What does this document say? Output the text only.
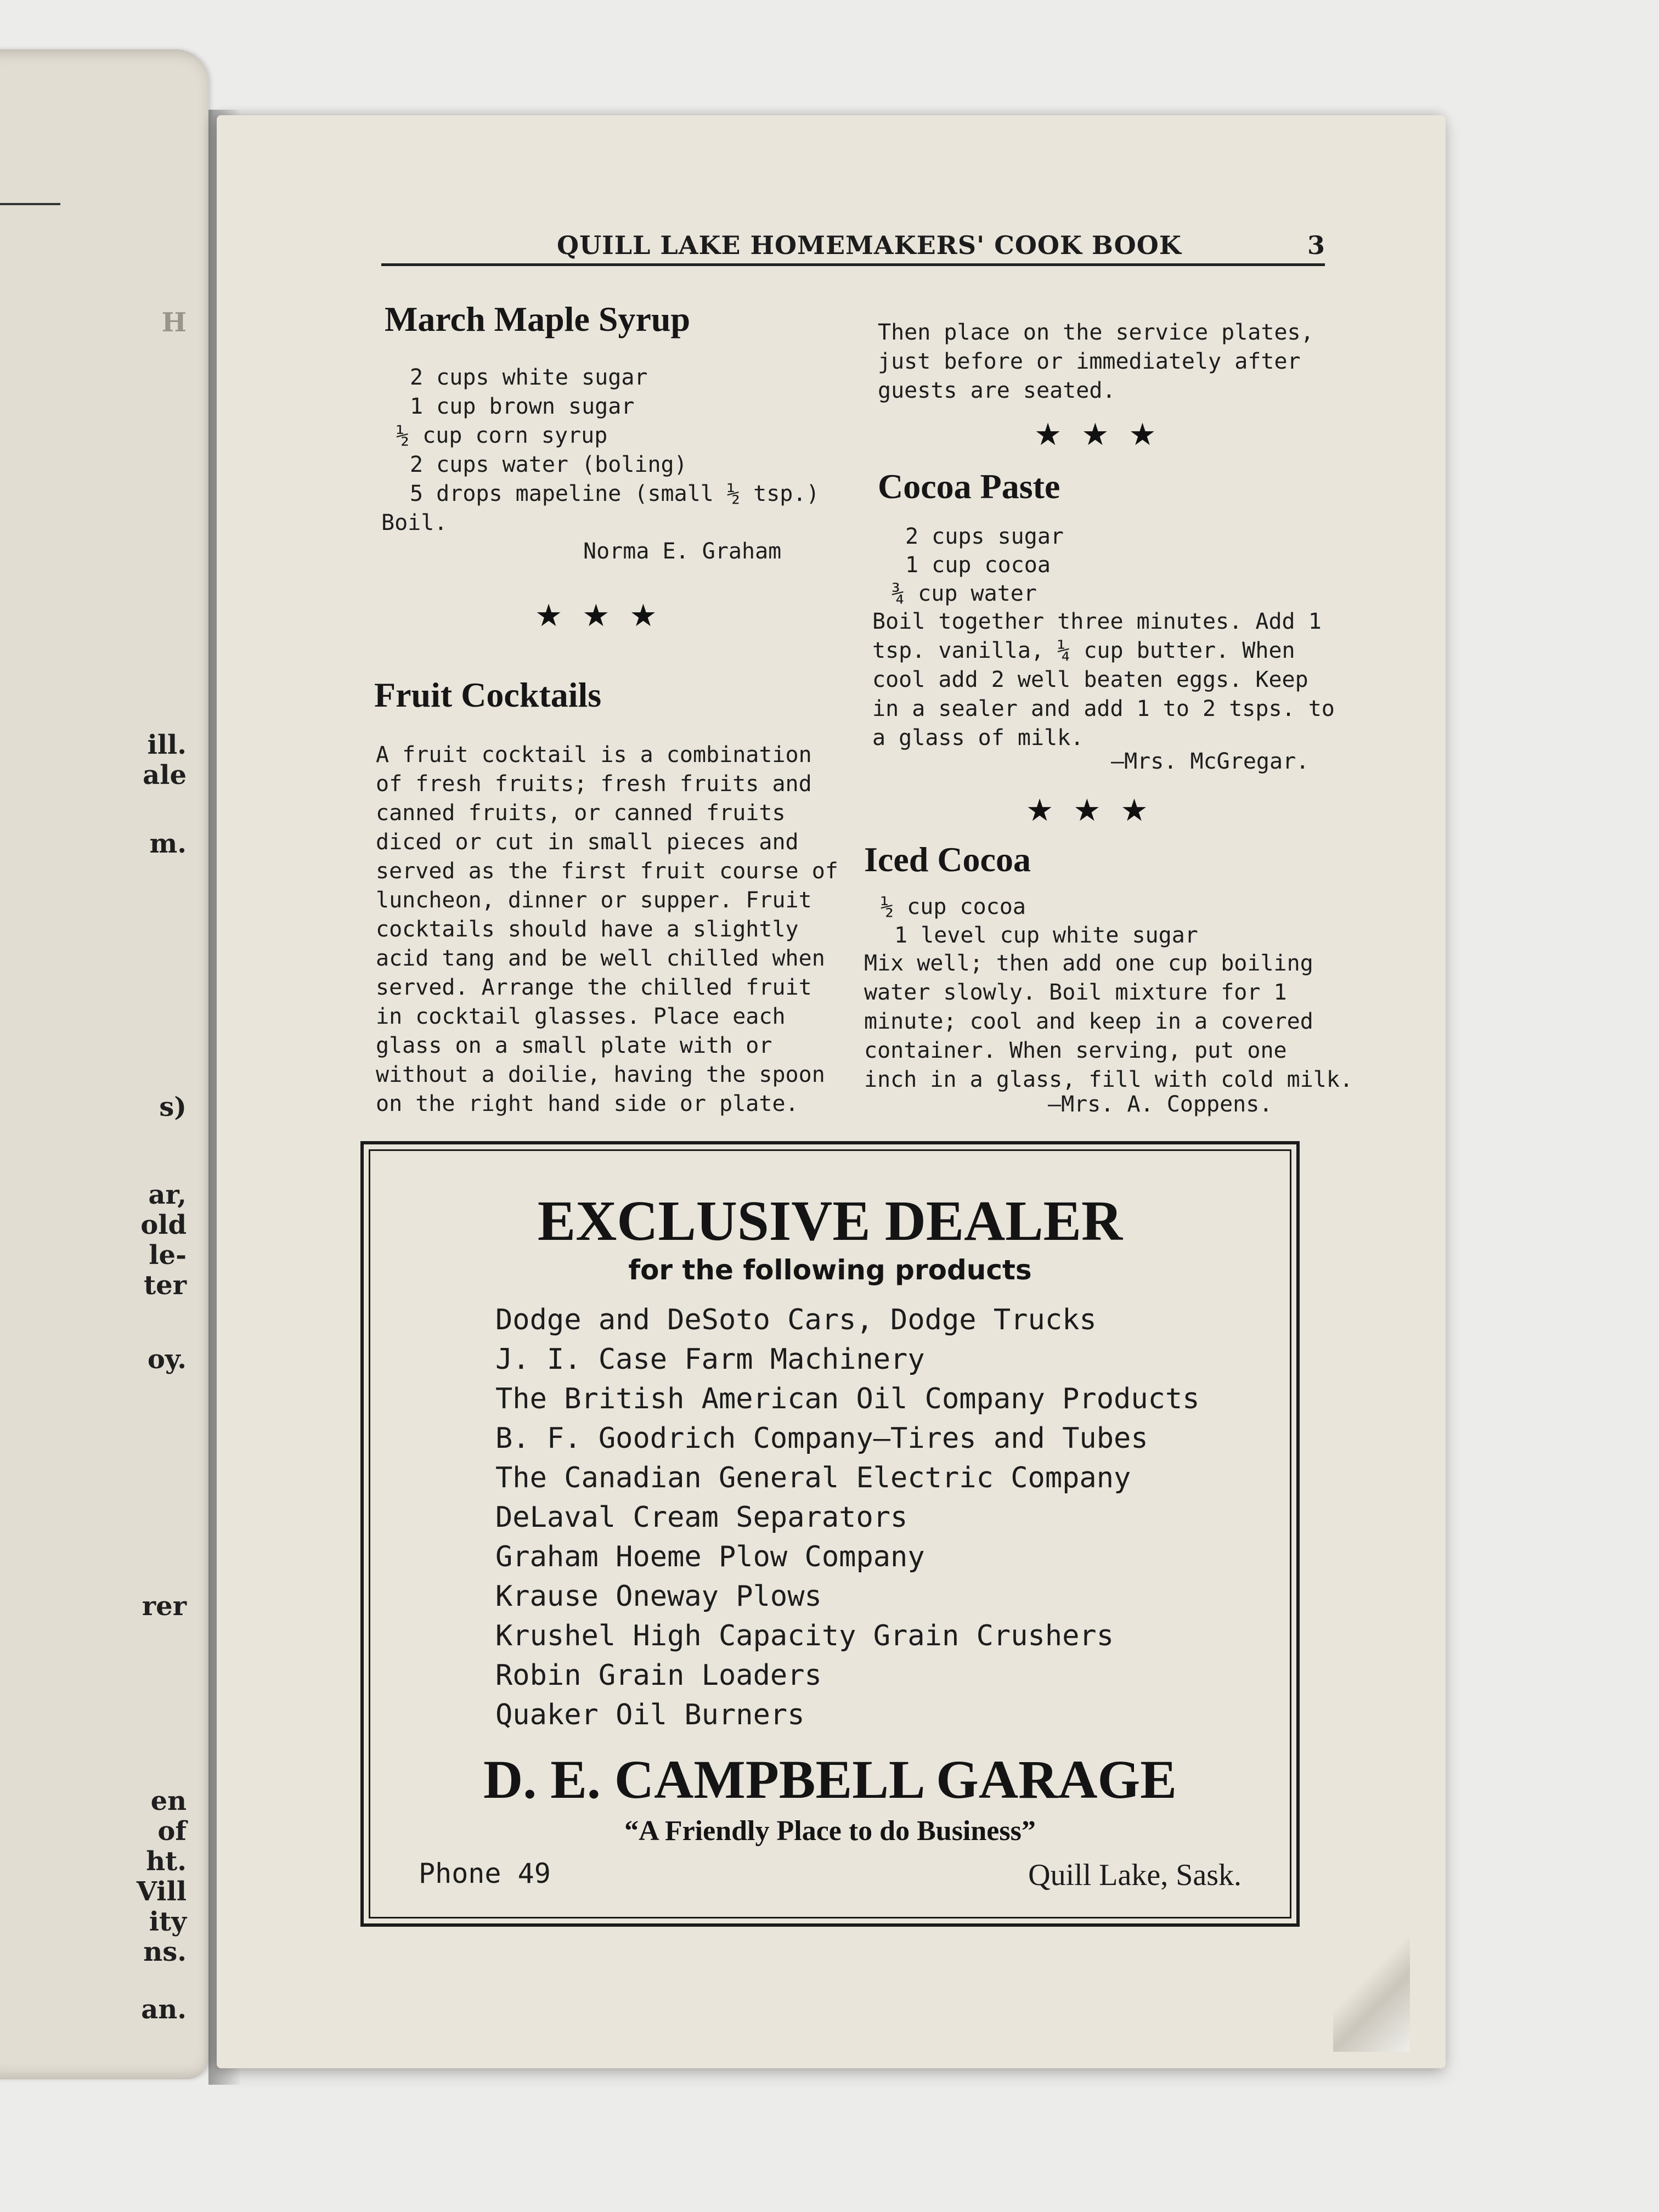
H
ill.
ale
m.
s)
ar,
old
le-
ter
oy.
rer
en
of
ht.
Vill
ity
ns.
an.
QUILL LAKE HOMEMAKERS' COOK BOOK	3
March Maple Syrup
2 cups white sugar
1 cup brown sugar
½ cup corn syrup
2 cups water (boling)
5 drops mapeline (small ½ tsp.)
Boil.
Norma E. Graham
★★★
Fruit Cocktails
A fruit cocktail is a combination
of fresh fruits; fresh fruits and
canned fruits, or canned fruits
diced or cut in small pieces and
served as the first fruit course of
luncheon, dinner or supper. Fruit
cocktails should have a slightly
acid tang and be well chilled when
served. Arrange the chilled fruit
in cocktail glasses. Place each
glass on a small plate with or
without a doilie, having the spoon
on the right hand side or plate.
Then place on the service plates,
just before or immediately after
guests are seated.
★★★
Cocoa Paste
2 cups sugar
1 cup cocoa
¾ cup water
Boil together three minutes. Add 1
tsp. vanilla, ¼ cup butter. When
cool add 2 well beaten eggs. Keep
in a sealer and add 1 to 2 tsps. to
a glass of milk.
—Mrs. McGregar.
★★★
Iced Cocoa
½ cup cocoa
1 level cup white sugar
Mix well; then add one cup boiling
water slowly. Boil mixture for 1
minute; cool and keep in a covered
container. When serving, put one
inch in a glass, fill with cold milk.
—Mrs. A. Coppens.
EXCLUSIVE DEALER
for the following products
Dodge and DeSoto Cars, Dodge Trucks
J. I. Case Farm Machinery
The British American Oil Company Products
B. F. Goodrich Company—Tires and Tubes
The Canadian General Electric Company
DeLaval Cream Separators
Graham Hoeme Plow Company
Krause Oneway Plows
Krushel High Capacity Grain Crushers
Robin Grain Loaders
Quaker Oil Burners
D. E. CAMPBELL GARAGE
“A Friendly Place to do Business”
Phone 49	Quill Lake, Sask.
